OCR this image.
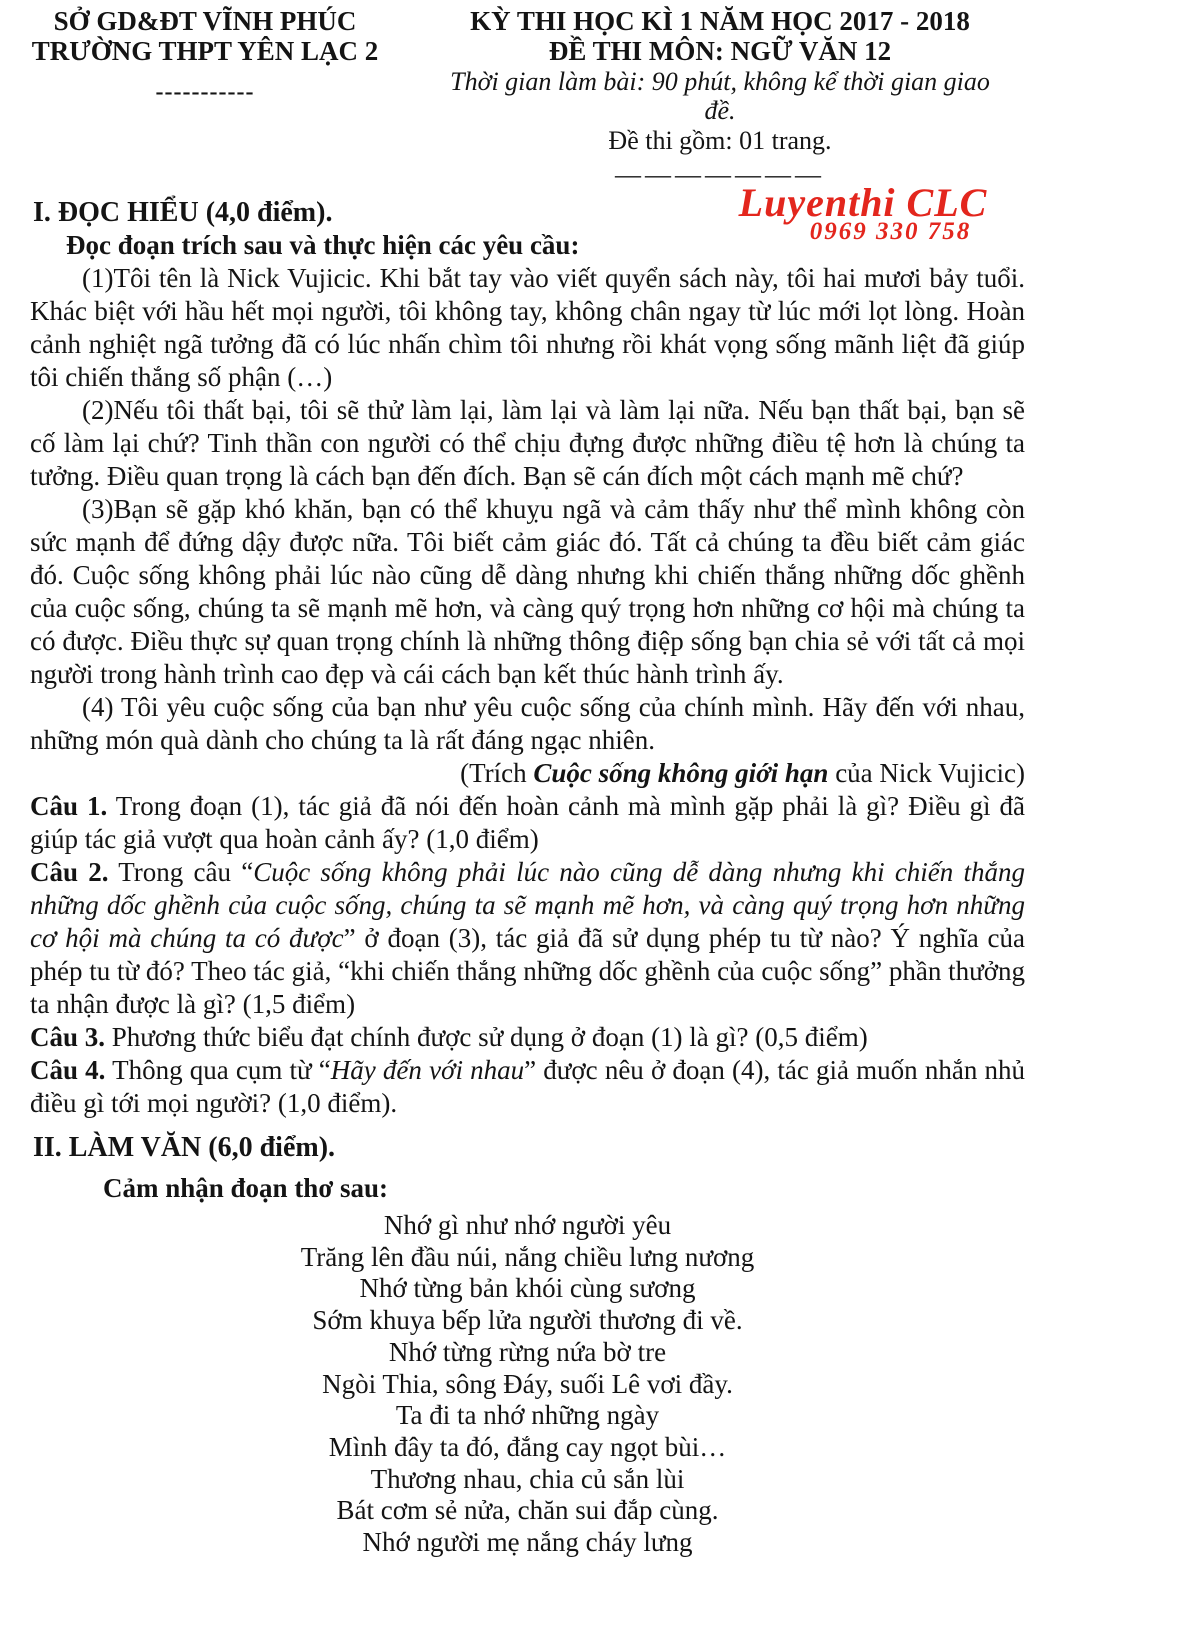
SỞ GD&ĐT VĨNH PHÚC
TRƯỜNG THPT YÊN LẠC 2
-----------
KỲ THI HỌC KÌ 1 NĂM HỌC 2017 - 2018
ĐỀ THI MÔN: NGỮ VĂN 12
Thời gian làm bài: 90 phút, không kể thời gian giao đề.
Đề thi gồm: 01 trang.
———————
I. ĐỌC HIỂU (4,0 điểm).	Luyenthi CLC
0969 330 758

Đọc đoạn trích sau và thực hiện các yêu cầu:

(1)Tôi tên là Nick Vujicic. Khi bắt tay vào viết quyển sách này, tôi hai mươi bảy tuổi. Khác biệt với hầu hết mọi người, tôi không tay, không chân ngay từ lúc mới lọt lòng. Hoàn cảnh nghiệt ngã tưởng đã có lúc nhấn chìm tôi nhưng rồi khát vọng sống mãnh liệt đã giúp tôi chiến thắng số phận (…)

(2)Nếu tôi thất bại, tôi sẽ thử làm lại, làm lại và làm lại nữa. Nếu bạn thất bại, bạn sẽ cố làm lại chứ? Tinh thần con người có thể chịu đựng được những điều tệ hơn là chúng ta tưởng. Điều quan trọng là cách bạn đến đích. Bạn sẽ cán đích một cách mạnh mẽ chứ?

(3)Bạn sẽ gặp khó khăn, bạn có thể khuỵu ngã và cảm thấy như thể mình không còn sức mạnh để đứng dậy được nữa. Tôi biết cảm giác đó. Tất cả chúng ta đều biết cảm giác đó. Cuộc sống không phải lúc nào cũng dễ dàng nhưng khi chiến thắng những dốc ghềnh của cuộc sống, chúng ta sẽ mạnh mẽ hơn, và càng quý trọng hơn những cơ hội mà chúng ta có được. Điều thực sự quan trọng chính là những thông điệp sống bạn chia sẻ với tất cả mọi người trong hành trình cao đẹp và cái cách bạn kết thúc hành trình ấy.

(4) Tôi yêu cuộc sống của bạn như yêu cuộc sống của chính mình. Hãy đến với nhau, những món quà dành cho chúng ta là rất đáng ngạc nhiên.

(Trích Cuộc sống không giới hạn của Nick Vujicic)

Câu 1. Trong đoạn (1), tác giả đã nói đến hoàn cảnh mà mình gặp phải là gì? Điều gì đã giúp tác giả vượt qua hoàn cảnh ấy? (1,0 điểm)

Câu 2. Trong câu “Cuộc sống không phải lúc nào cũng dễ dàng nhưng khi chiến thắng những dốc ghềnh của cuộc sống, chúng ta sẽ mạnh mẽ hơn, và càng quý trọng hơn những cơ hội mà chúng ta có được” ở đoạn (3), tác giả đã sử dụng phép tu từ nào? Ý nghĩa của phép tu từ đó? Theo tác giả, “khi chiến thắng những dốc ghềnh của cuộc sống” phần thưởng ta nhận được là gì? (1,5 điểm)

Câu 3. Phương thức biểu đạt chính được sử dụng ở đoạn (1) là gì? (0,5 điểm)

Câu 4. Thông qua cụm từ “Hãy đến với nhau” được nêu ở đoạn (4), tác giả muốn nhắn nhủ điều gì tới mọi người? (1,0 điểm).

II. LÀM VĂN (6,0 điểm).

Cảm nhận đoạn thơ sau:

Nhớ gì như nhớ người yêu
Trăng lên đầu núi, nắng chiều lưng nương
Nhớ từng bản khói cùng sương
Sớm khuya bếp lửa người thương đi về.
Nhớ từng rừng nứa bờ tre
Ngòi Thia, sông Đáy, suối Lê vơi đầy.
Ta đi ta nhớ những ngày
Mình đây ta đó, đắng cay ngọt bùi…
Thương nhau, chia củ sắn lùi
Bát cơm sẻ nửa, chăn sui đắp cùng.
Nhớ người mẹ nắng cháy lưng
